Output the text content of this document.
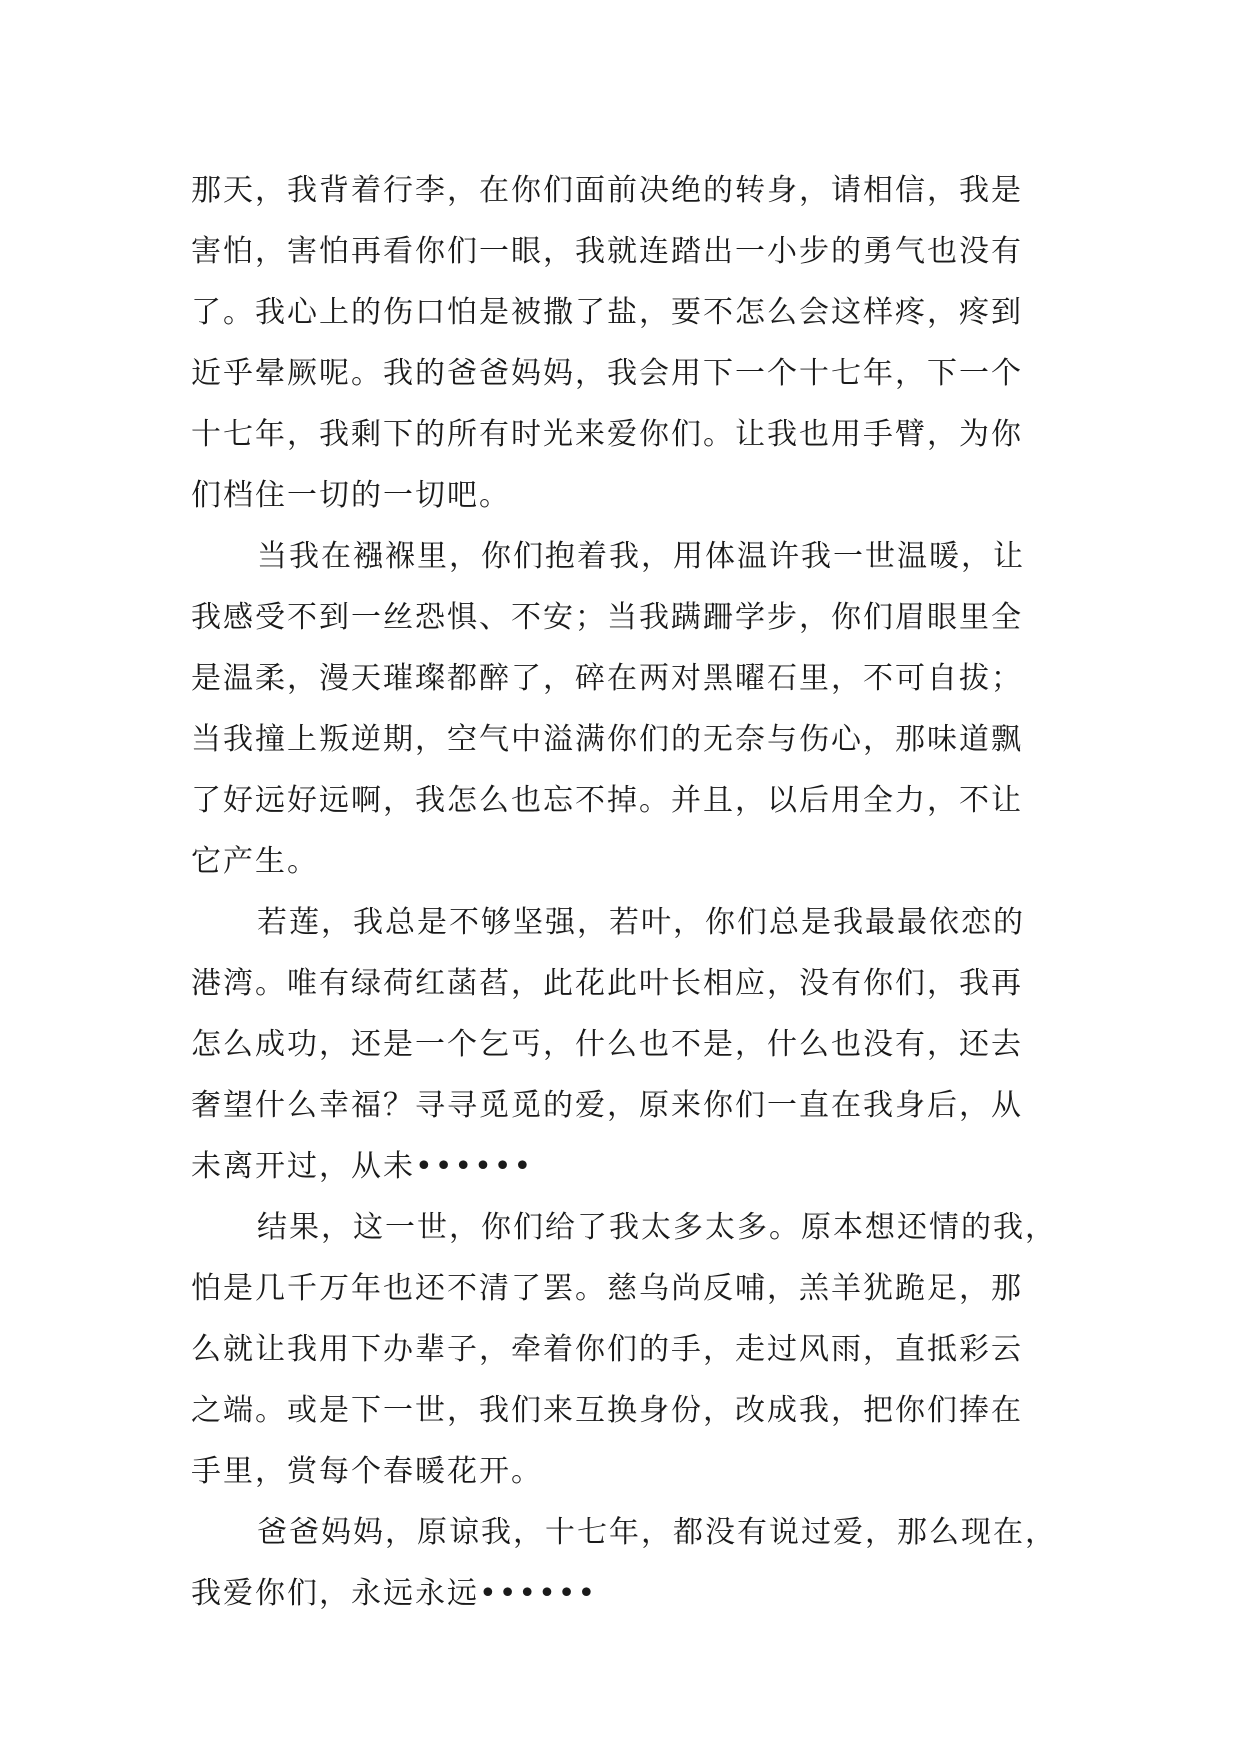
那天，我背着行李，在你们面前决绝的转身，请相信，我是
害怕，害怕再看你们一眼，我就连踏出一小步的勇气也没有
了。我心上的伤口怕是被撒了盐，要不怎么会这样疼，疼到
近乎晕厥呢。我的爸爸妈妈，我会用下一个十七年，下一个
十七年，我剩下的所有时光来爱你们。让我也用手臂，为你
们档住一切的一切吧。

当我在襁褓里，你们抱着我，用体温许我一世温暖，让
我感受不到一丝恐惧、不安；当我蹒跚学步，你们眉眼里全
是温柔，漫天璀璨都醉了，碎在两对黑曜石里，不可自拔；
当我撞上叛逆期，空气中溢满你们的无奈与伤心，那味道飘
了好远好远啊，我怎么也忘不掉。并且，以后用全力，不让
它产生。

若莲，我总是不够坚强，若叶，你们总是我最最依恋的
港湾。唯有绿荷红菡萏，此花此叶长相应，没有你们，我再
怎么成功，还是一个乞丐，什么也不是，什么也没有，还去
奢望什么幸福？寻寻觅觅的爱，原来你们一直在我身后，从
未离开过，从未••••••

结果，这一世，你们给了我太多太多。原本想还情的我，
怕是几千万年也还不清了罢。慈乌尚反哺，羔羊犹跪足，那
么就让我用下办辈子，牵着你们的手，走过风雨，直抵彩云
之端。或是下一世，我们来互换身份，改成我，把你们捧在
手里，赏每个春暖花开。

爸爸妈妈，原谅我，十七年，都没有说过爱，那么现在，
我爱你们，永远永远••••••
